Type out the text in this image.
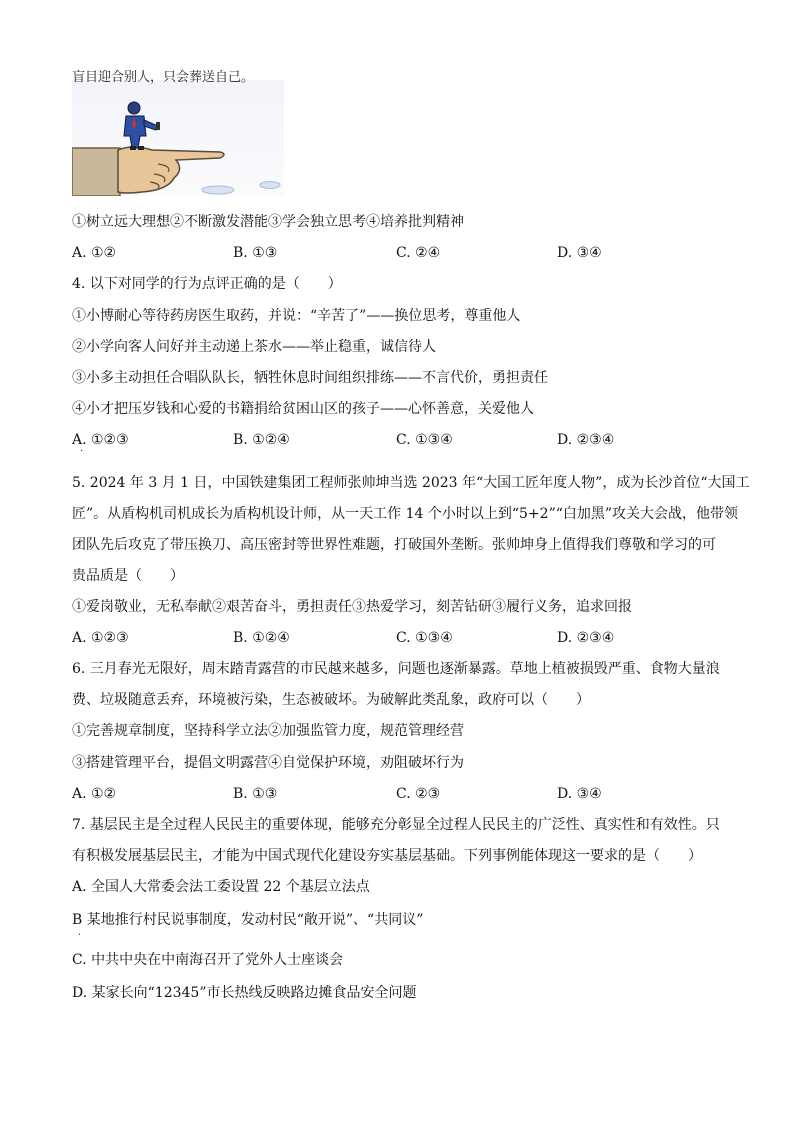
盲目迎合别人，只会葬送自己。
①树立远大理想②不断激发潜能③学会独立思考④培养批判精神
A. ①②	B. ①③	C. ②④	D. ③④
4. 以下对同学的行为点评正确的是（　　）
①小博耐心等待药房医生取药，并说：“辛苦了”——换位思考，尊重他人
②小学向客人问好并主动递上茶水——举止稳重，诚信待人
③小多主动担任合唱队队长，牺牲休息时间组织排练——不言代价，勇担责任
④小才把压岁钱和心爱的书籍捐给贫困山区的孩子——心怀善意，关爱他人
A. ①②③	B. ①②④	C. ①③④	D. ②③④
·
5. 2024 年 3 月 1 日，中国铁建集团工程师张帅坤当选 2023 年“大国工匠年度人物”，成为长沙首位“大国工
匠”。从盾构机司机成长为盾构机设计师，从一天工作 14 个小时以上到“5+2”“白加黑”攻关大会战，他带领
团队先后攻克了带压换刀、高压密封等世界性难题，打破国外垄断。张帅坤身上值得我们尊敬和学习的可
贵品质是（　　）
①爱岗敬业，无私奉献②艰苦奋斗，勇担责任③热爱学习，刻苦钻研③履行义务，追求回报
A. ①②③	B. ①②④	C. ①③④	D. ②③④
6. 三月春光无限好，周末踏青露营的市民越来越多，问题也逐渐暴露。草地上植被损毁严重、食物大量浪
费、垃圾随意丢弃，环境被污染，生态被破坏。为破解此类乱象，政府可以（　　）
①完善规章制度，坚持科学立法②加强监管力度，规范管理经营
③搭建管理平台，提倡文明露营④自觉保护环境，劝阻破坏行为
A. ①②	B. ①③	C. ②③	D. ③④
7. 基层民主是全过程人民民主的重要体现，能够充分彰显全过程人民民主的广泛性、真实性和有效性。只
有积极发展基层民主，才能为中国式现代化建设夯实基层基础。下列事例能体现这一要求的是（　　）
A. 全国人大常委会法工委设置 22 个基层立法点
B 某地推行村民说事制度，发动村民“敞开说”、“共同议”
·
C. 中共中央在中南海召开了党外人士座谈会
D. 某家长向“12345”市长热线反映路边摊食品安全问题
